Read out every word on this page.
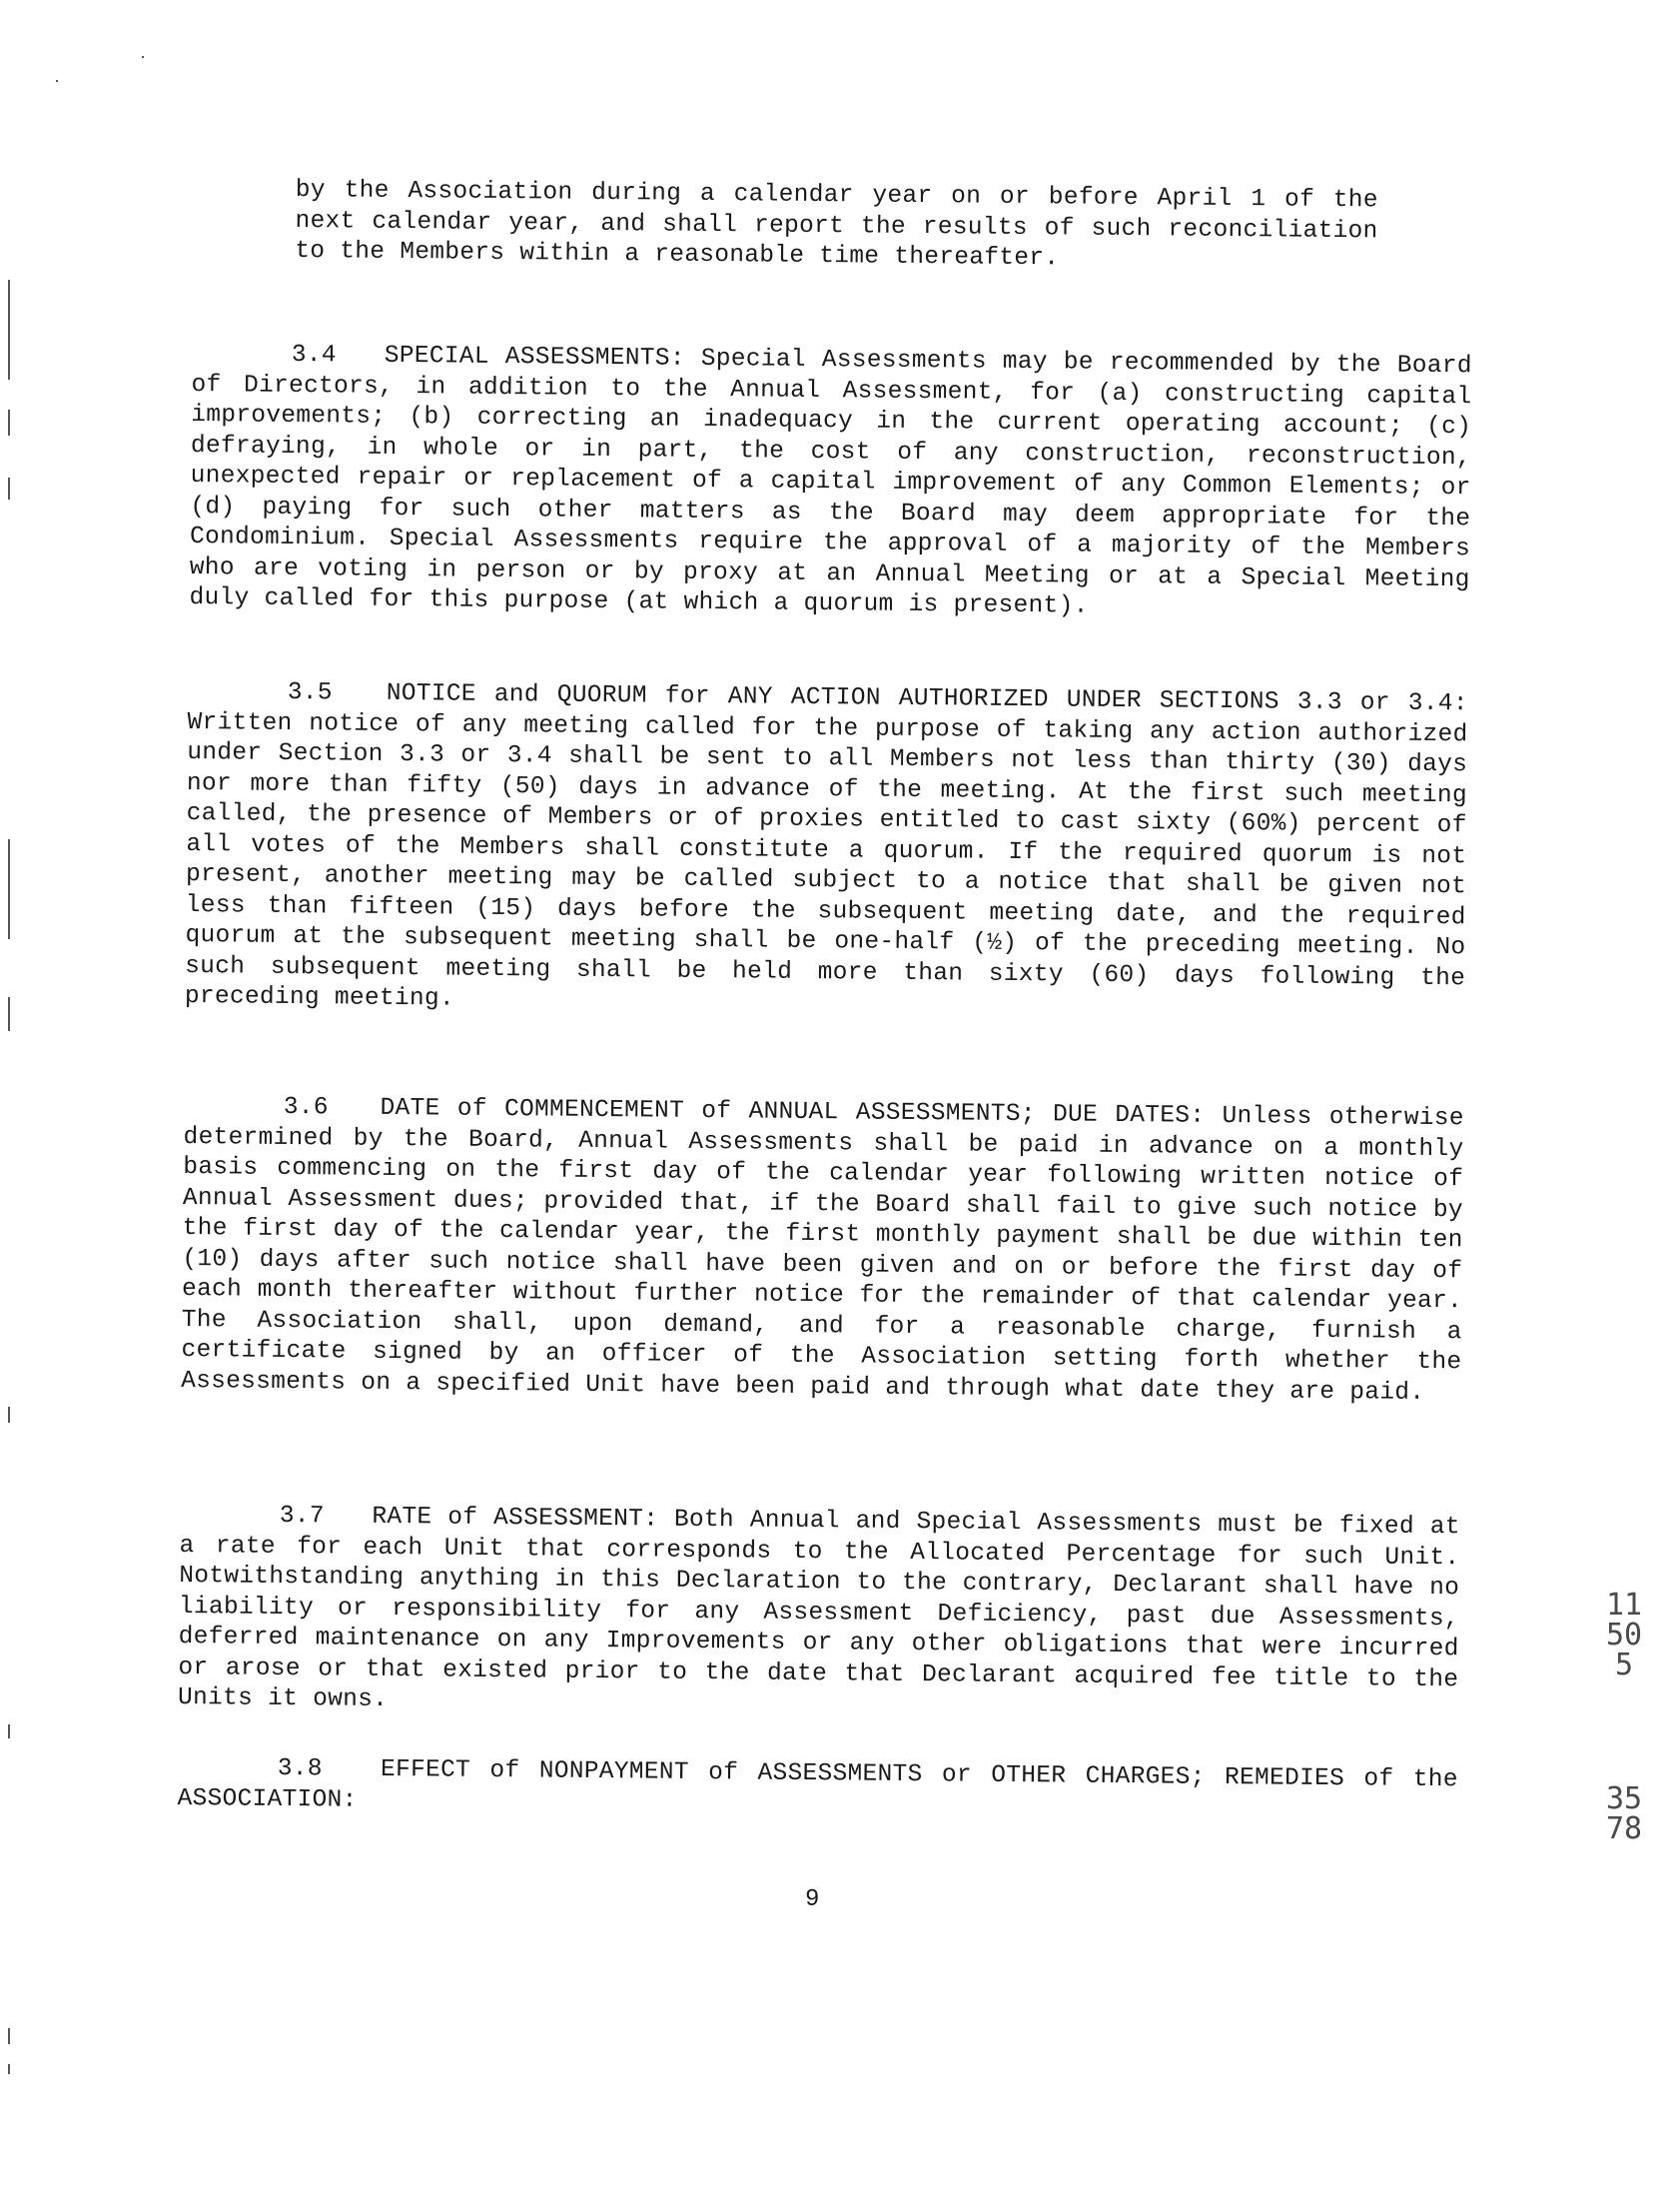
by the Association during a calendar year on or before April 1 of the next calendar year, and shall report the results of such reconciliation to the Members within a reasonable time thereafter.

3.4 SPECIAL ASSESSMENTS: Special Assessments may be recommended by the Board of Directors, in addition to the Annual Assessment, for (a) constructing capital improvements; (b) correcting an inadequacy in the current operating account; (c) defraying, in whole or in part, the cost of any construction, reconstruction, unexpected repair or replacement of a capital improvement of any Common Elements; or (d) paying for such other matters as the Board may deem appropriate for the Condominium. Special Assessments require the approval of a majority of the Members who are voting in person or by proxy at an Annual Meeting or at a Special Meeting duly called for this purpose (at which a quorum is present).

3.5 NOTICE and QUORUM for ANY ACTION AUTHORIZED UNDER SECTIONS 3.3 or 3.4: Written notice of any meeting called for the purpose of taking any action authorized under Section 3.3 or 3.4 shall be sent to all Members not less than thirty (30) days nor more than fifty (50) days in advance of the meeting. At the first such meeting called, the presence of Members or of proxies entitled to cast sixty (60%) percent of all votes of the Members shall constitute a quorum. If the required quorum is not present, another meeting may be called subject to a notice that shall be given not less than fifteen (15) days before the subsequent meeting date, and the required quorum at the subsequent meeting shall be one-half (½) of the preceding meeting. No such subsequent meeting shall be held more than sixty (60) days following the preceding meeting.

3.6 DATE of COMMENCEMENT of ANNUAL ASSESSMENTS; DUE DATES: Unless otherwise determined by the Board, Annual Assessments shall be paid in advance on a monthly basis commencing on the first day of the calendar year following written notice of Annual Assessment dues; provided that, if the Board shall fail to give such notice by the first day of the calendar year, the first monthly payment shall be due within ten (10) days after such notice shall have been given and on or before the first day of each month thereafter without further notice for the remainder of that calendar year. The Association shall, upon demand, and for a reasonable charge, furnish a certificate signed by an officer of the Association setting forth whether the Assessments on a specified Unit have been paid and through what date they are paid.

3.7 RATE of ASSESSMENT: Both Annual and Special Assessments must be fixed at a rate for each Unit that corresponds to the Allocated Percentage for such Unit. Notwithstanding anything in this Declaration to the contrary, Declarant shall have no liability or responsibility for any Assessment Deficiency, past due Assessments, deferred maintenance on any Improvements or any other obligations that were incurred or arose or that existed prior to the date that Declarant acquired fee title to the Units it owns.

3.8 EFFECT of NONPAYMENT of ASSESSMENTS or OTHER CHARGES; REMEDIES of the ASSOCIATION:

9
11505
3578
